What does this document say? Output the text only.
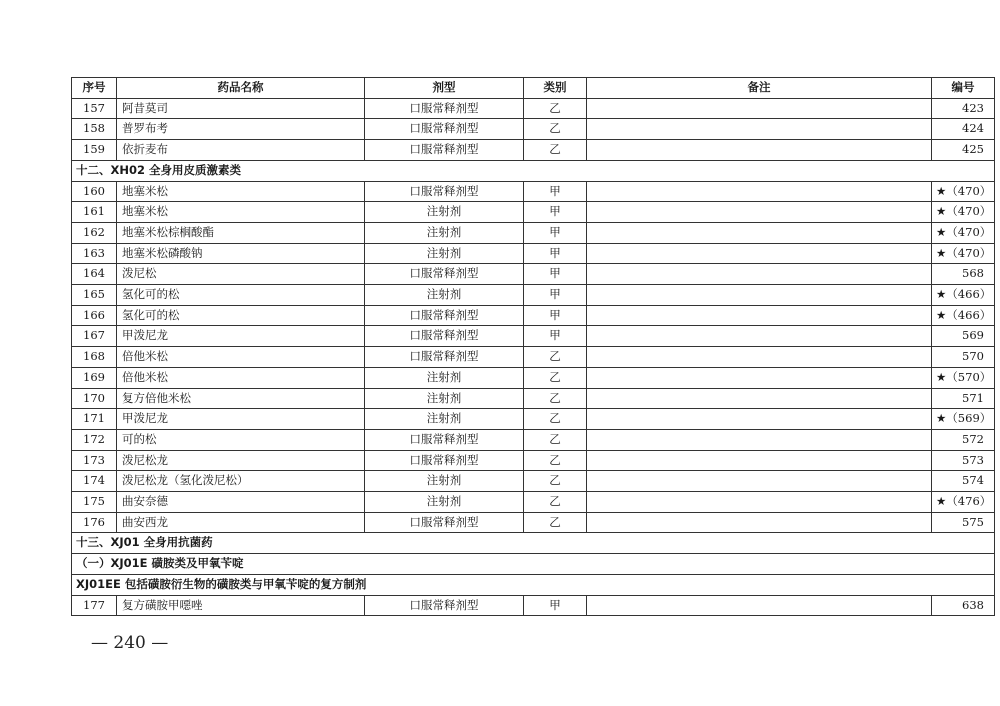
序号	药品名称	剂型	类别	备注	编号
157	阿昔莫司	口服常释剂型	乙		423
158	普罗布考	口服常释剂型	乙		424
159	依折麦布	口服常释剂型	乙		425
十二、XH02 全身用皮质激素类					
160	地塞米松	口服常释剂型	甲		★（470）
161	地塞米松	注射剂	甲		★（470）
162	地塞米松棕榈酸酯	注射剂	甲		★（470）
163	地塞米松磷酸钠	注射剂	甲		★（470）
164	泼尼松	口服常释剂型	甲		568
165	氢化可的松	注射剂	甲		★（466）
166	氢化可的松	口服常释剂型	甲		★（466）
167	甲泼尼龙	口服常释剂型	甲		569
168	倍他米松	口服常释剂型	乙		570
169	倍他米松	注射剂	乙		★（570）
170	复方倍他米松	注射剂	乙		571
171	甲泼尼龙	注射剂	乙		★（569）
172	可的松	口服常释剂型	乙		572
173	泼尼松龙	口服常释剂型	乙		573
174	泼尼松龙（氢化泼尼松）	注射剂	乙		574
175	曲安奈德	注射剂	乙		★（476）
176	曲安西龙	口服常释剂型	乙		575
十三、XJ01 全身用抗菌药					
（一）XJ01E 磺胺类及甲氧苄啶					
XJ01EE 包括磺胺衍生物的磺胺类与甲氧苄啶的复方制剂					
177	复方磺胺甲噁唑	口服常释剂型	甲		638
— 240 —
